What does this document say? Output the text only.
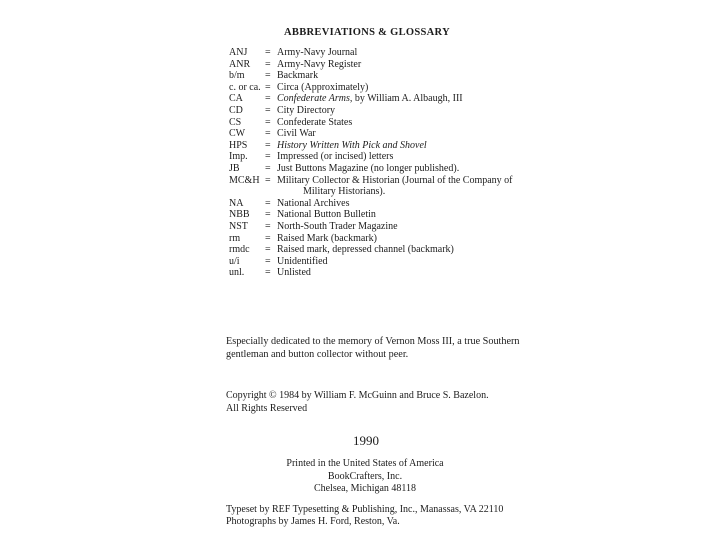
ABBREVIATIONS & GLOSSARY
ANJ	= Army-Navy Journal
ANR	= Army-Navy Register
b/m	= Backmark
c. or ca. = Circa (Approximately)
CA	= Confederate Arms, by William A. Albaugh, III
CD	= City Directory
CS	= Confederate States
CW	= Civil War
HPS	= History Written With Pick and Shovel
Imp.	= Impressed (or incised) letters
JB	= Just Buttons Magazine (no longer published).
MC&H = Military Collector & Historian (Journal of the Company of
Military Historians).
NA	= National Archives
NBB	= National Button Bulletin
NST	= North-South Trader Magazine
rm	= Raised Mark (backmark)
rmdc	= Raised mark, depressed channel (backmark)
u/i	= Unidentified
unl.	= Unlisted
Especially dedicated to the memory of Vernon Moss III, a true Southern
gentleman and button collector without peer.
Copyright © 1984 by William F. McGuinn and Bruce S. Bazelon.
All Rights Reserved
1990
Printed in the United States of America
BookCrafters, Inc.
Chelsea, Michigan 48118
Typeset by REF Typesetting & Publishing, Inc., Manassas, VA 22110
Photographs by James H. Ford, Reston, Va.
